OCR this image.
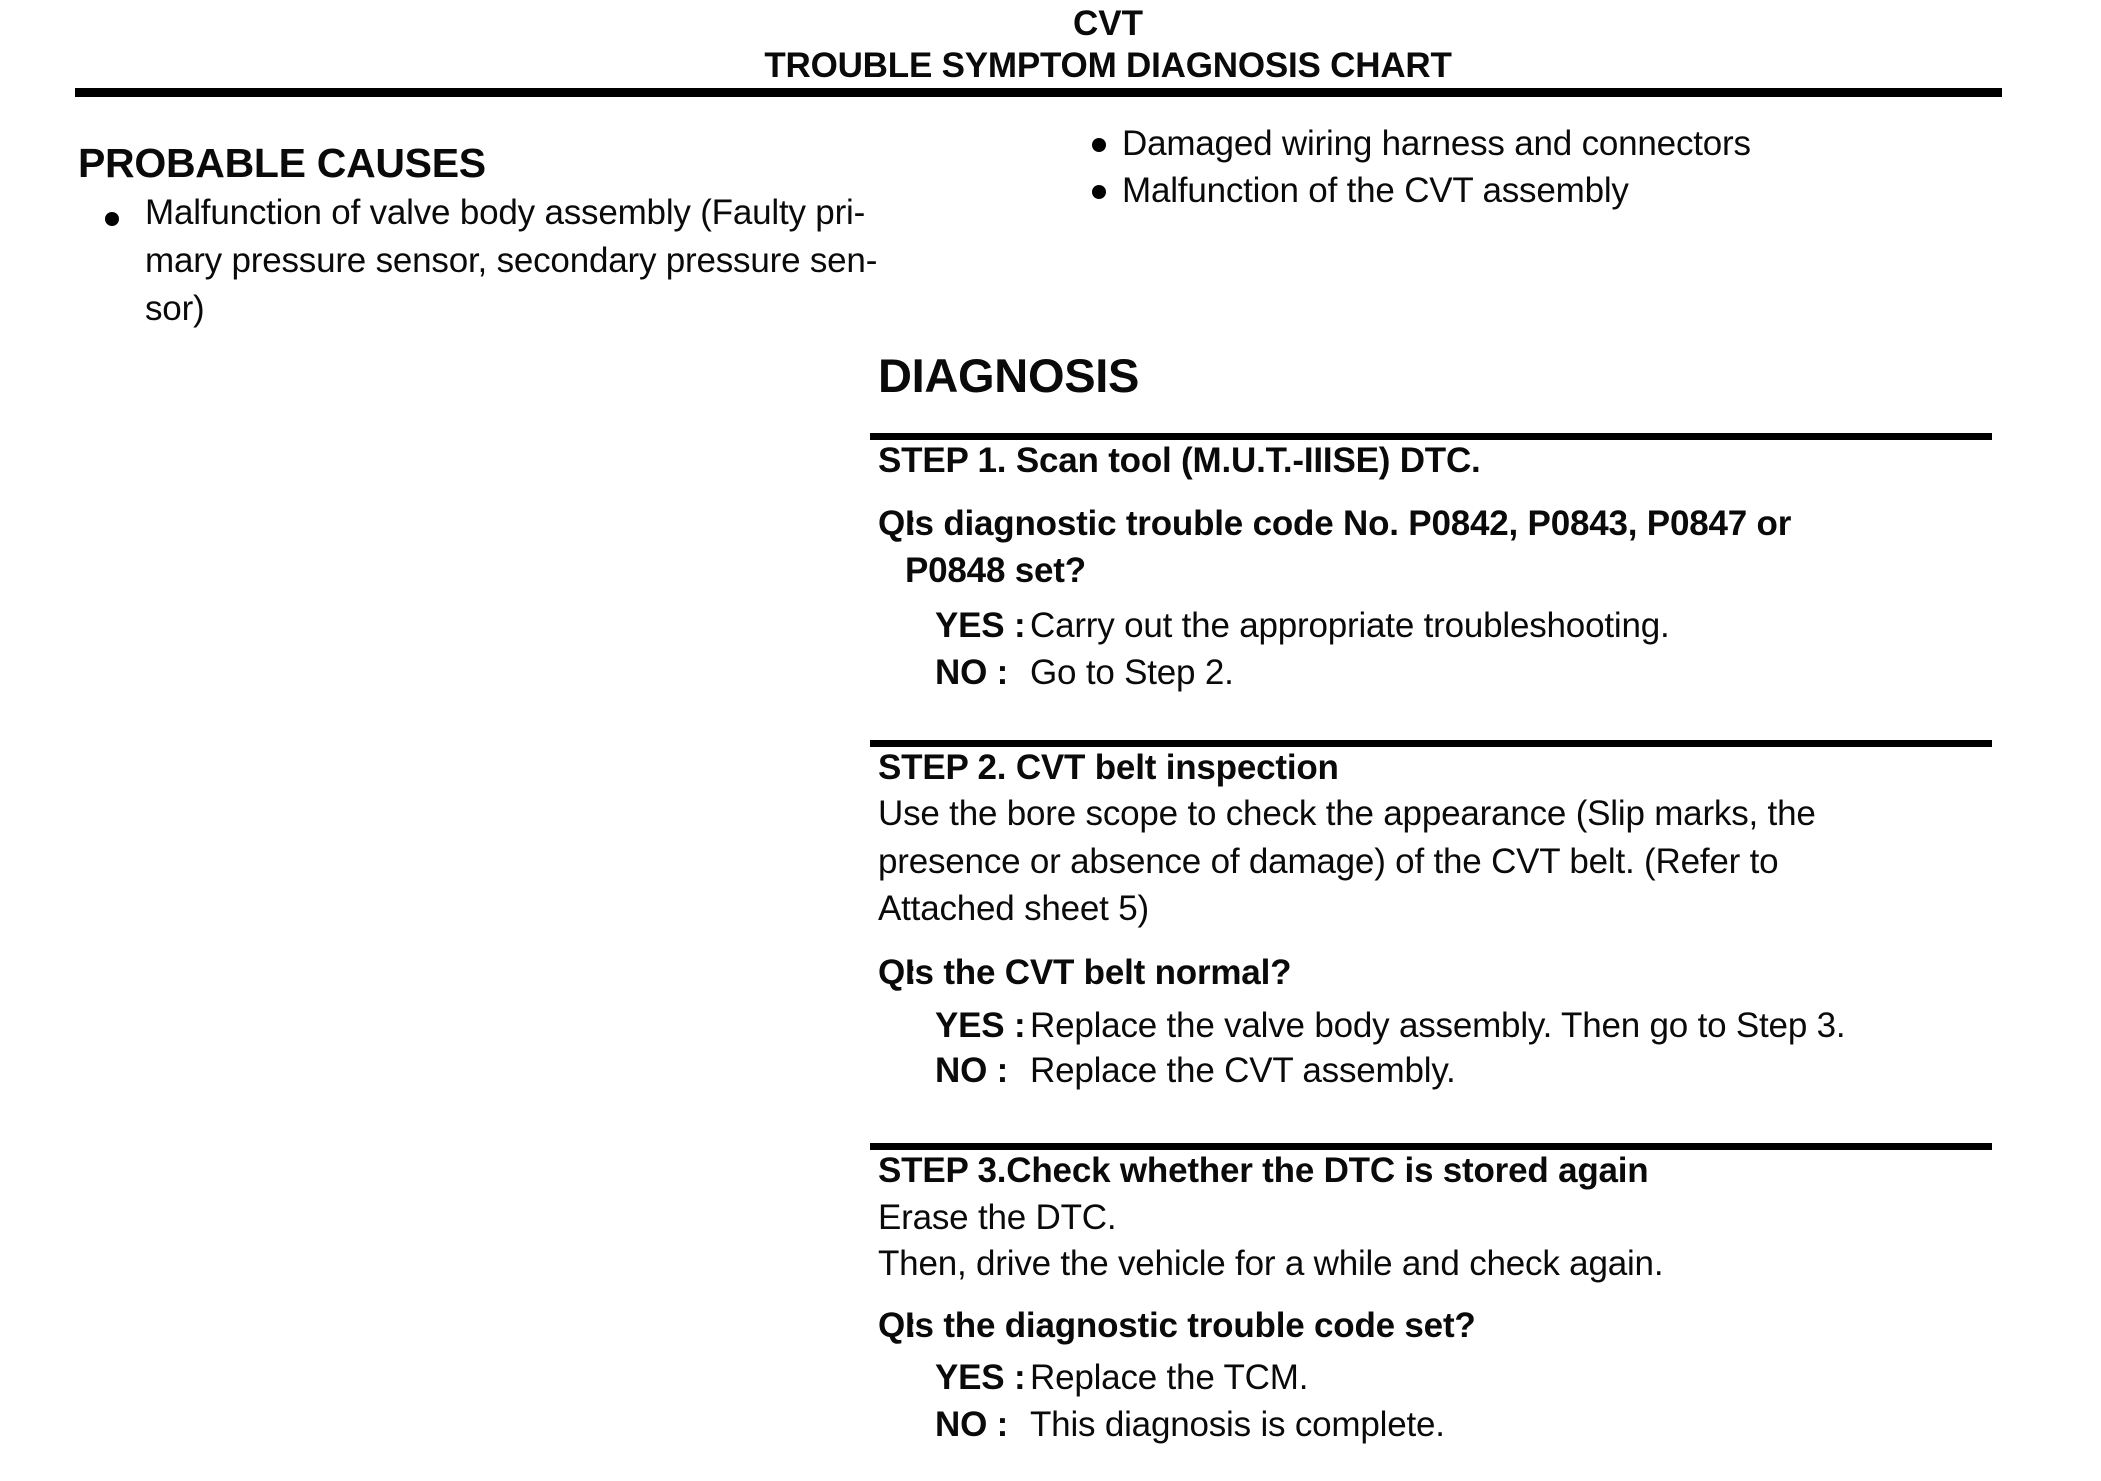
CVT
TROUBLE SYMPTOM DIAGNOSIS CHART
PROBABLE CAUSES
Malfunction of valve body assembly (Faulty pri-
mary pressure sensor, secondary pressure sen-
sor)
Damaged wiring harness and connectors
Malfunction of the CVT assembly
DIAGNOSIS
STEP 1. Scan tool (M.U.T.-IIISE) DTC.
Q:
Is diagnostic trouble code No. P0842, P0843, P0847 or
P0848 set?
YES : Carry out the appropriate troubleshooting.
NO : Go to Step 2.
STEP 2. CVT belt inspection
Use the bore scope to check the appearance (Slip marks, the
presence or absence of damage) of the CVT belt. (Refer to
Attached sheet 5)
Q:
Is the CVT belt normal?
YES : Replace the valve body assembly. Then go to Step 3.
NO : Replace the CVT assembly.
STEP 3.Check whether the DTC is stored again
Erase the DTC.
Then, drive the vehicle for a while and check again.
Q:
Is the diagnostic trouble code set?
YES : Replace the TCM.
NO : This diagnosis is complete.
